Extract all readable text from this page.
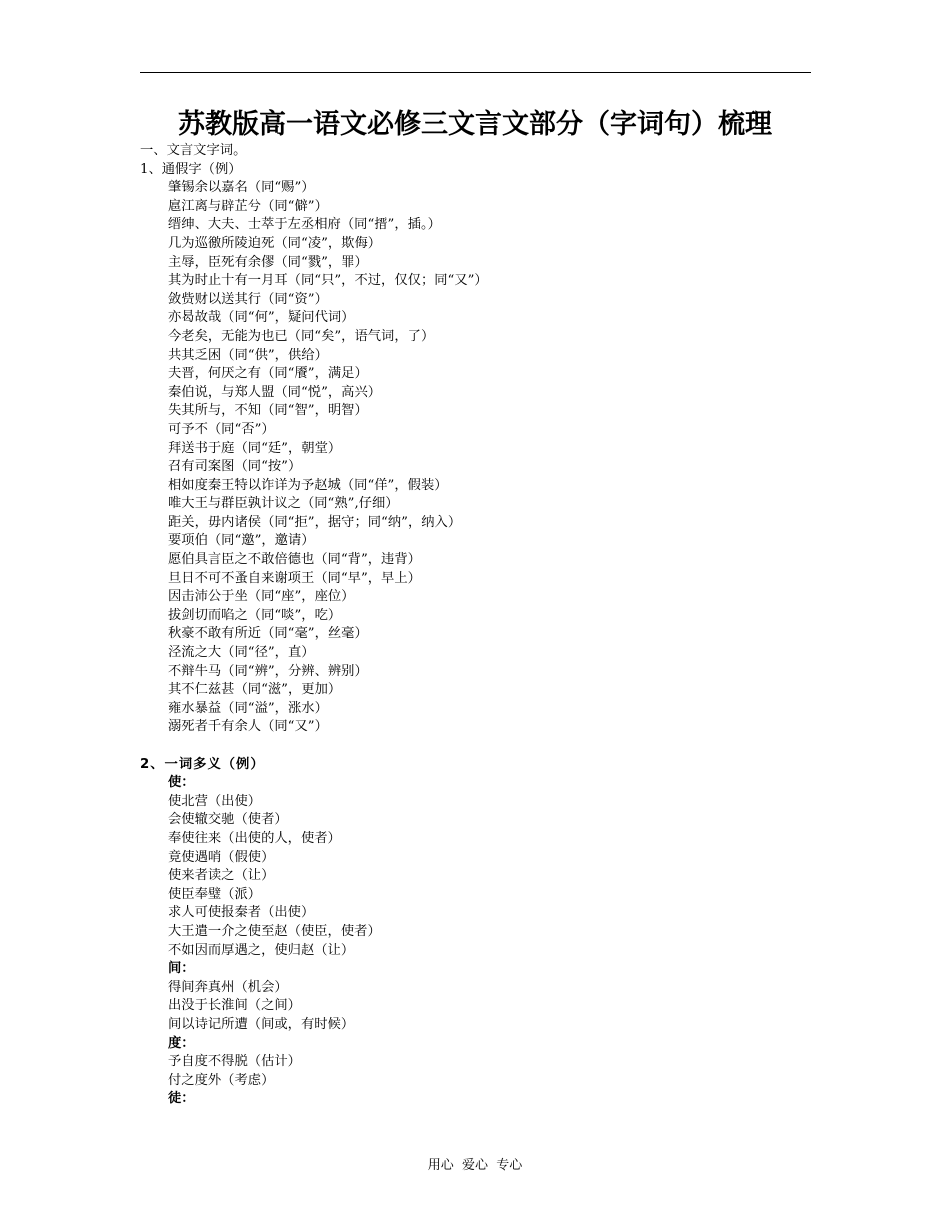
苏教版高一语文必修三文言文部分（字词句）梳理
一、文言文字词。
1、通假字（例）
肇锡余以嘉名（同“赐”）
扈江离与辟芷兮（同“僻”）
缙绅、大夫、士萃于左丞相府（同“搢”，插。）
几为巡徼所陵迫死（同“凌”，欺侮）
主辱，臣死有余僇（同“戮”，罪）
其为时止十有一月耳（同“只”，不过，仅仅；同“又”）
敛赀财以送其行（同“资”）
亦曷故哉（同“何”，疑问代词）
今老矣，无能为也已（同“矣”，语气词，了）
共其乏困（同“供”，供给）
夫晋，何厌之有（同“餍”，满足）
秦伯说，与郑人盟（同“悦”，高兴）
失其所与，不知（同“智”，明智）
可予不（同“否”）
拜送书于庭（同“廷”，朝堂）
召有司案图（同“按”）
相如度秦王特以诈详为予赵城（同“佯”，假装）
唯大王与群臣孰计议之（同“熟”,仔细）
距关，毋内诸侯（同“拒”，据守；同“纳”，纳入）
要项伯（同“邀”，邀请）
愿伯具言臣之不敢倍德也（同“背”，违背）
旦日不可不蚤自来谢项王（同“早”，早上）
因击沛公于坐（同“座”，座位）
拔剑切而啗之（同“啖”，吃）
秋豪不敢有所近（同“毫”，丝毫）
泾流之大（同“径”，直）
不辩牛马（同“辨”，分辨、辨别）
其不仁兹甚（同“滋”，更加）
雍水暴益（同“溢”，涨水）
溺死者千有余人（同“又”）
2、一词多义（例）
使：
使北营（出使）
会使辙交驰（使者）
奉使往来（出使的人，使者）
竟使遇哨（假使）
使来者读之（让）
使臣奉璧（派）
求人可使报秦者（出使）
大王遣一介之使至赵（使臣，使者）
不如因而厚遇之，使归赵（让）
间：
得间奔真州（机会）
出没于长淮间（之间）
间以诗记所遭（间或，有时候）
度：
予自度不得脱（估计）
付之度外（考虑）
徒：
用心  爱心  专心
